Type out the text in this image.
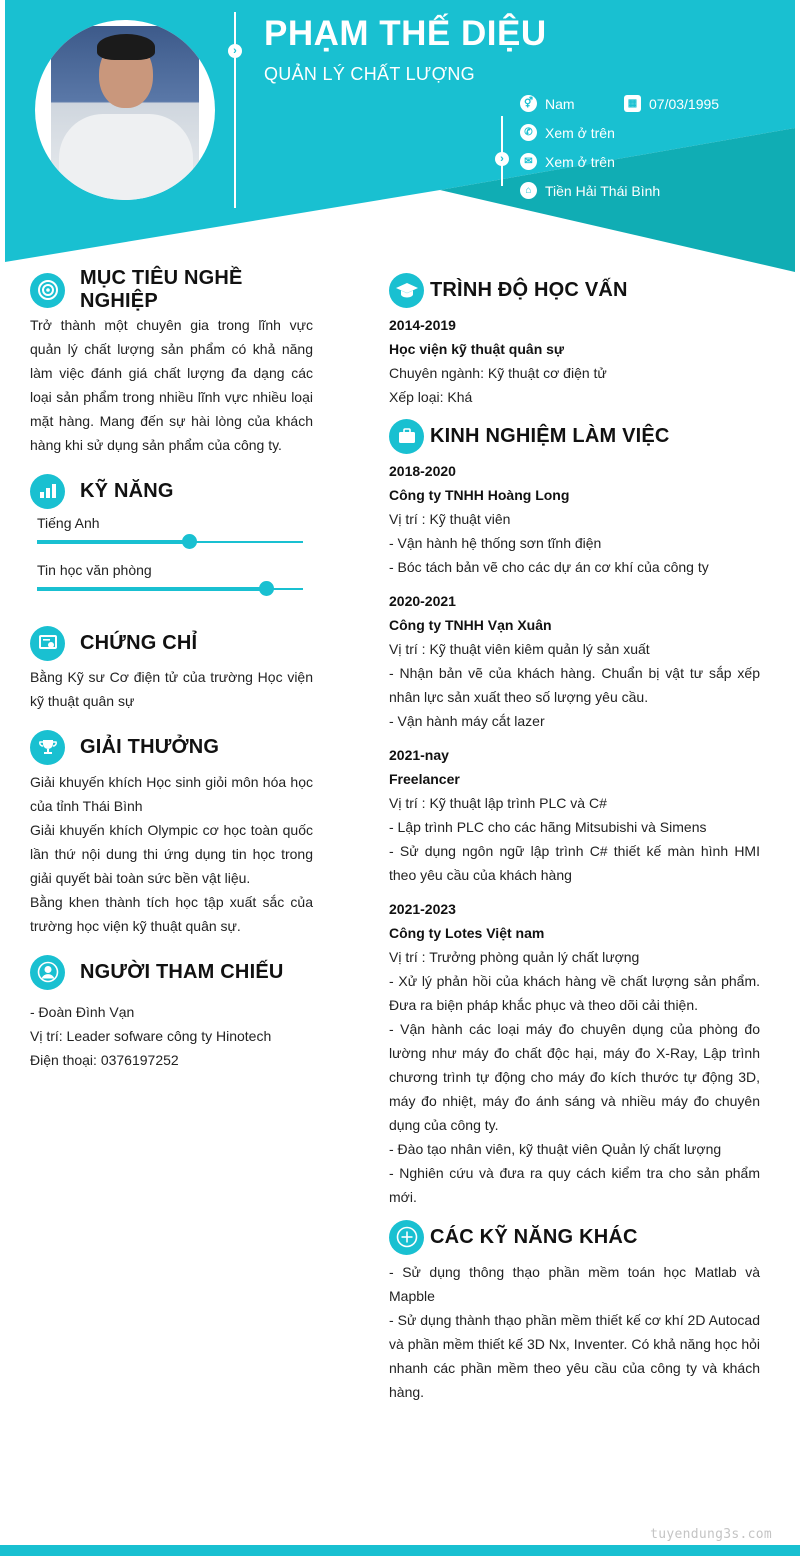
› PHẠM THẾ DIỆU
QUẢN LÝ CHẤT LƯỢNG
›
⚥ Nam	▦ 07/03/1995
✆ Xem ở trên
✉ Xem ở trên
⌂ Tiền Hải Thái Bình
MỤC TIÊU NGHỀ NGHIỆP
Trở thành một chuyên gia trong lĩnh vực quản lý chất lượng sản phẩm có khả năng làm việc đánh giá chất lượng đa dạng các loại sản phẩm trong nhiều lĩnh vực nhiều loại mặt hàng. Mang đến sự hài lòng của khách hàng khi sử dụng sản phẩm của công ty.
KỸ NĂNG
Tiếng Anh
Tin học văn phòng
CHỨNG CHỈ
Bằng Kỹ sư Cơ điện tử của trường Học viện kỹ thuật quân sự
GIẢI THƯỞNG
Giải khuyến khích Học sinh giỏi môn hóa học của tỉnh Thái Bình
Giải khuyến khích Olympic cơ học toàn quốc lần thứ nội dung thi ứng dụng tin học trong giải quyết bài toàn sức bền vật liệu.
Bằng khen thành tích học tập xuất sắc của trường học viện kỹ thuật quân sự.
NGƯỜI THAM CHIẾU
- Đoàn Đình Vạn
Vị trí: Leader sofware công ty Hinotech
Điện thoại: 0376197252
TRÌNH ĐỘ HỌC VẤN
2014-2019
Học viện kỹ thuật quân sự
Chuyên ngành: Kỹ thuật cơ điện tử
Xếp loại: Khá
KINH NGHIỆM LÀM VIỆC
2018-2020
Công ty TNHH Hoàng Long
Vị trí : Kỹ thuật viên
- Vận hành hệ thống sơn tĩnh điện
- Bóc tách bản vẽ cho các dự án cơ khí của công ty
2020-2021
Công ty TNHH Vạn Xuân
Vị trí : Kỹ thuật viên kiêm quản lý sản xuất
- Nhận bản vẽ của khách hàng. Chuẩn bị vật tư sắp xếp nhân lực sản xuất theo số lượng yêu cầu.
- Vận hành máy cắt lazer
2021-nay
Freelancer
Vị trí : Kỹ thuật lập trình PLC và C#
- Lập trình PLC cho các hãng Mitsubishi và Simens
- Sử dụng ngôn ngữ lập trình C# thiết kế màn hình HMI theo yêu cầu của khách hàng
2021-2023
Công ty Lotes Việt nam
Vị trí : Trưởng phòng quản lý chất lượng
- Xử lý phản hồi của khách hàng về chất lượng sản phẩm. Đưa ra biện pháp khắc phục và theo dõi cải thiện.
- Vận hành các loại máy đo chuyên dụng của phòng đo lường như máy đo chất độc hại, máy đo X-Ray, Lập trình chương trình tự động cho máy đo kích thước tự động 3D, máy đo nhiệt, máy đo ánh sáng và nhiều máy đo chuyên dụng của công ty.
- Đào tạo nhân viên, kỹ thuật viên Quản lý chất lượng
- Nghiên cứu và đưa ra quy cách kiểm tra cho sản phẩm mới.
CÁC KỸ NĂNG KHÁC
- Sử dụng thông thạo phần mềm toán học Matlab và Mapble
- Sử dụng thành thạo phần mềm thiết kế cơ khí 2D Autocad và phần mềm thiết kế 3D Nx, Inventer. Có khả năng học hỏi nhanh các phần mềm theo yêu cầu của công ty và khách hàng.
tuyendung3s.com
